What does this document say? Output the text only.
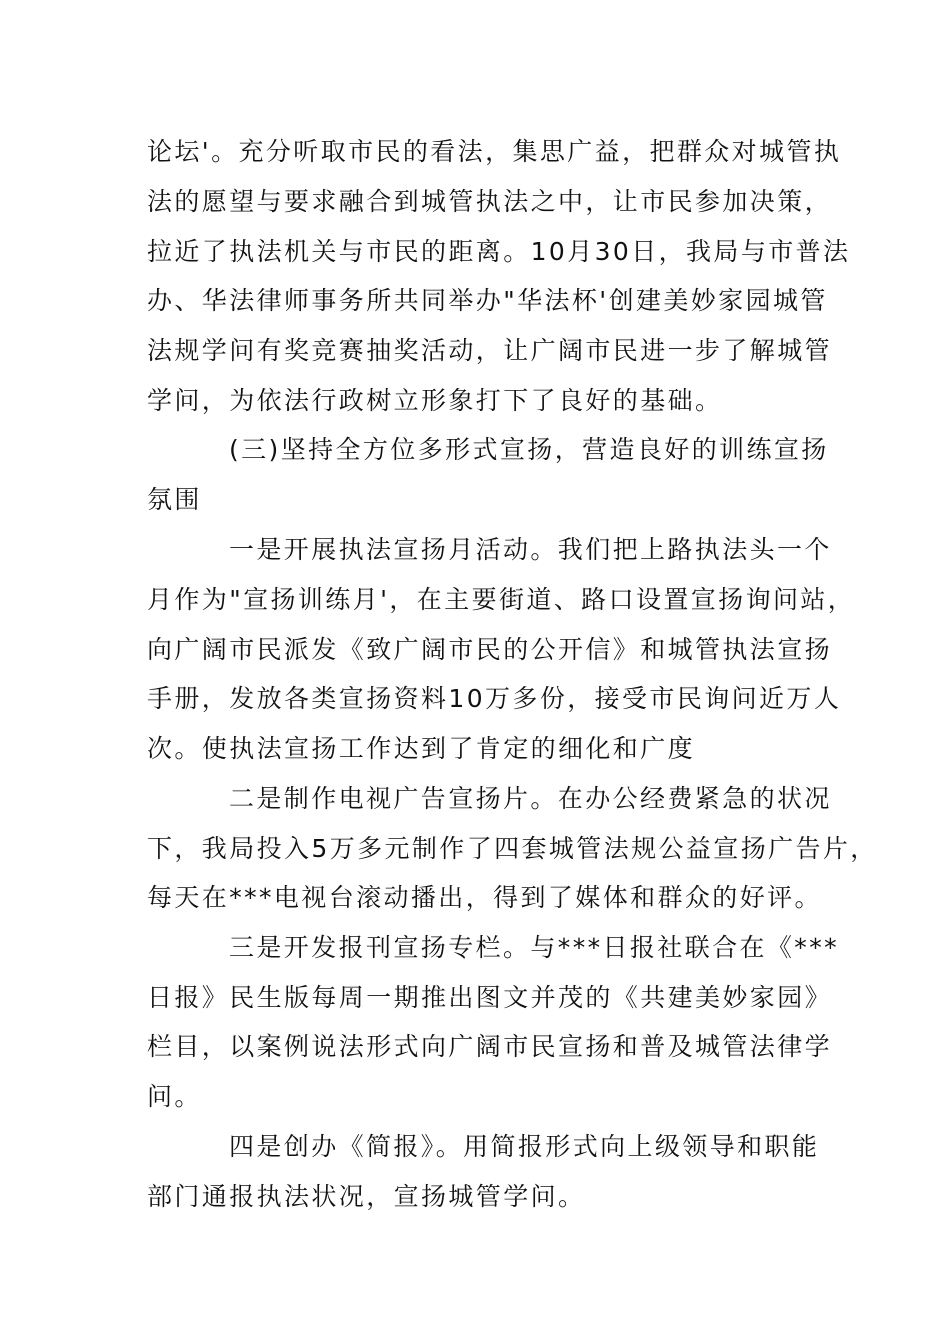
论坛'。充分听取市民的看法，集思广益，把群众对城管执

法的愿望与要求融合到城管执法之中，让市民参加决策，

拉近了执法机关与市民的距离。10月30日，我局与市普法

办、华法律师事务所共同举办"华法杯'创建美妙家园城管

法规学问有奖竞赛抽奖活动，让广阔市民进一步了解城管

学问，为依法行政树立形象打下了良好的基础。

(三)坚持全方位多形式宣扬，营造良好的训练宣扬

氛围

一是开展执法宣扬月活动。我们把上路执法头一个

月作为"宣扬训练月'，在主要街道、路口设置宣扬询问站，

向广阔市民派发《致广阔市民的公开信》和城管执法宣扬

手册，发放各类宣扬资料10万多份，接受市民询问近万人

次。使执法宣扬工作达到了肯定的细化和广度

二是制作电视广告宣扬片。在办公经费紧急的状况

下，我局投入5万多元制作了四套城管法规公益宣扬广告片，

每天在***电视台滚动播出，得到了媒体和群众的好评。

三是开发报刊宣扬专栏。与***日报社联合在《***

日报》民生版每周一期推出图文并茂的《共建美妙家园》

栏目，以案例说法形式向广阔市民宣扬和普及城管法律学

问。

四是创办《简报》。用简报形式向上级领导和职能

部门通报执法状况，宣扬城管学问。
